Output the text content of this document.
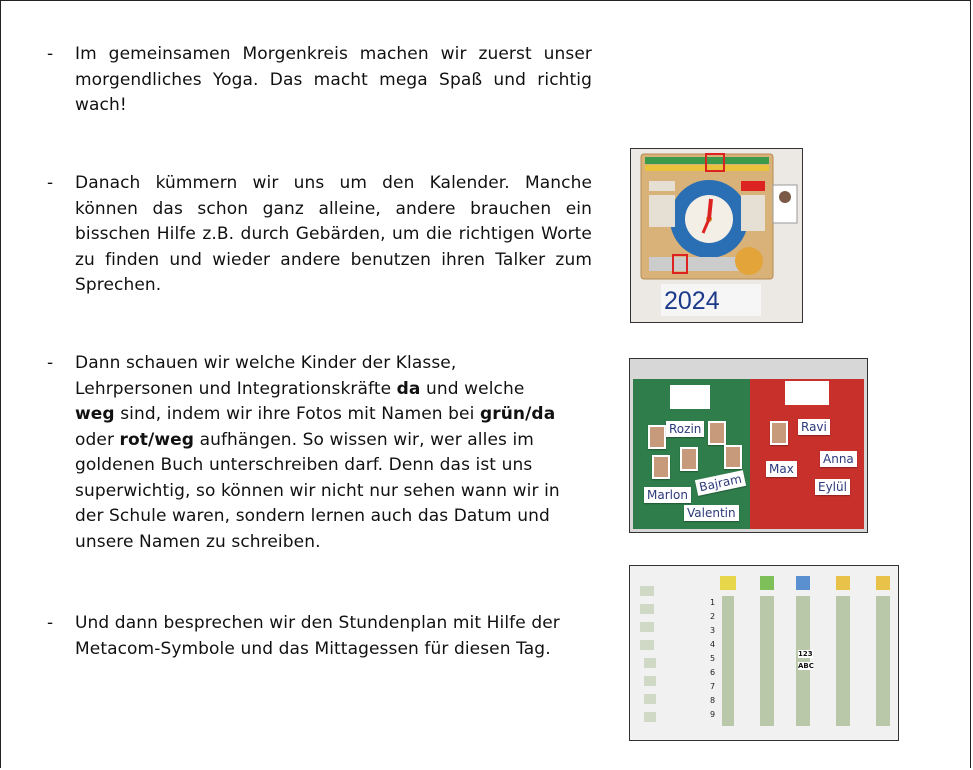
- Im gemeinsamen Morgenkreis machen wir zuerst unser morgendliches Yoga. Das macht mega Spaß und richtig wach!
- Danach kümmern wir uns um den Kalender. Manche können das schon ganz alleine, andere brauchen ein bisschen Hilfe z.B. durch Gebärden, um die richtigen Worte zu finden und wieder andere benutzen ihren Talker zum Sprechen.
- Dann schauen wir welche Kinder der Klasse, Lehrpersonen und Integrationskräfte da und welche weg sind, indem wir ihre Fotos mit Namen bei grün/da oder rot/weg aufhängen. So wissen wir, wer alles im goldenen Buch unterschreiben darf. Denn das ist uns superwichtig, so können wir nicht nur sehen wann wir in der Schule waren, sondern lernen auch das Datum und unsere Namen zu schreiben.
- Und dann besprechen wir den Stundenplan mit Hilfe der Metacom-Symbole und das Mittagessen für diesen Tag.
2024
Rozin
Bajram
Marlon
Valentin
Ravi
Anna
Max
Eylül
ABC
123
1
2
3
4
5
6
7
8
9
